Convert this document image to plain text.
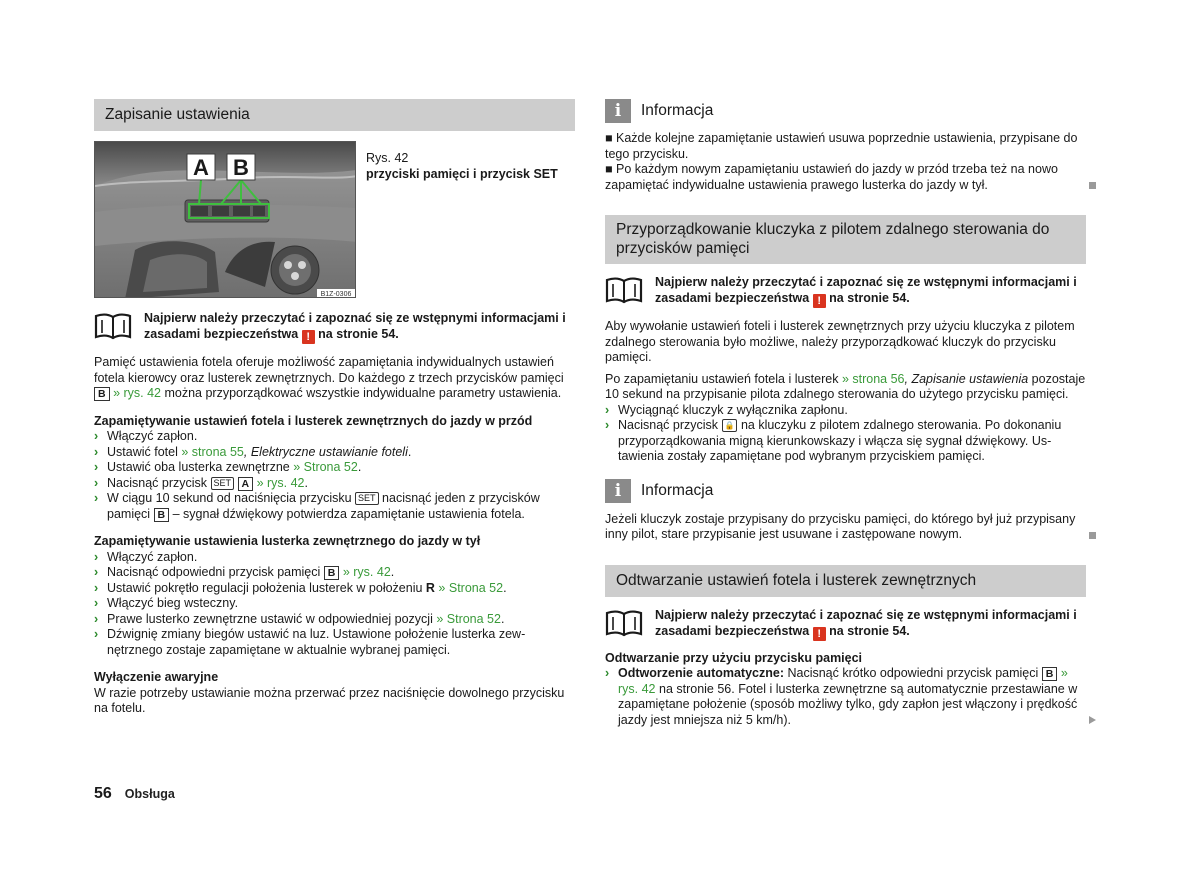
Zapisanie ustawienia
A B
B1Z-0306
Rys. 42
przyciski pamięci i przycisk SET
Najpierw należy przeczytać i zapoznać się ze wstępnymi informacjami i zasadami bezpieczeństwa ! na stronie 54.

Pamięć ustawienia fotela oferuje możliwość zapamiętania indywidualnych ustawień fotela kierowcy oraz lusterek zewnętrznych. Do każdego z trzech przycisków pamięci B » rys. 42 można przyporządkować wszystkie indywidualne parametry ustawienia.

Zapamiętywanie ustawień fotela i lusterek zewnętrznych do jazdy w przód
› Włączyć zapłon.
› Ustawić fotel » strona 55, Elektryczne ustawianie foteli.
› Ustawić oba lusterka zewnętrzne » Strona 52.
› Nacisnąć przycisk SET A » rys. 42.
› W ciągu 10 sekund od naciśnięcia przycisku SET nacisnąć jeden z przycisków pamięci B – sygnał dźwiękowy potwierdza zapamiętanie ustawienia fotela.
Zapamiętywanie ustawienia lusterka zewnętrznego do jazdy w tył
› Włączyć zapłon.
› Nacisnąć odpowiedni przycisk pamięci B » rys. 42.
› Ustawić pokrętło regulacji położenia lusterek w położeniu R » Strona 52.
› Włączyć bieg wsteczny.
› Prawe lusterko zewnętrzne ustawić w odpowiedniej pozycji » Strona 52.
› Dźwignię zmiany biegów ustawić na luz. Ustawione położenie lusterka zewnętrznego zostaje zapamiętane w aktualnie wybranej pamięci.
Wyłączenie awaryjne
W razie potrzeby ustawianie można przerwać przez naciśnięcie dowolnego przycisku na fotelu.
i	Informacja
■ Każde kolejne zapamiętanie ustawień usuwa poprzednie ustawienia, przypisane do tego przycisku.
■ Po każdym nowym zapamiętaniu ustawień do jazdy w przód trzeba też na nowo zapamiętać indywidualne ustawienia prawego lusterka do jazdy w tył.
Przyporządkowanie kluczyka z pilotem zdalnego sterowania do przycisków pamięci
Najpierw należy przeczytać i zapoznać się ze wstępnymi informacjami i zasadami bezpieczeństwa ! na stronie 54.

Aby wywołanie ustawień foteli i lusterek zewnętrznych przy użyciu kluczyka z pilotem zdalnego sterowania było możliwe, należy przyporządkować kluczyk do przycisku pamięci.

Po zapamiętaniu ustawień fotela i lusterek » strona 56, Zapisanie ustawienia pozostaje 10 sekund na przypisanie pilota zdalnego sterowania do użytego przycisku pamięci.

› Wyciągnąć kluczyk z wyłącznika zapłonu.
› Nacisnąć przycisk 🔒 na kluczyku z pilotem zdalnego sterowania. Po dokonaniu przyporządkowania migną kierunkowskazy i włącza się sygnał dźwiękowy. Ustawienia zostały zapamiętane pod wybranym przyciskiem pamięci.
i	Informacja
Jeżeli kluczyk zostaje przypisany do przycisku pamięci, do którego był już przypisany inny pilot, stare przypisanie jest usuwane i zastępowane nowym.
Odtwarzanie ustawień fotela i lusterek zewnętrznych
Najpierw należy przeczytać i zapoznać się ze wstępnymi informacjami i zasadami bezpieczeństwa ! na stronie 54.
Odtwarzanie przy użyciu przycisku pamięci
› Odtworzenie automatyczne: Nacisnąć krótko odpowiedni przycisk pamięci B » rys. 42 na stronie 56. Fotel i lusterka zewnętrzne są automatycznie przestawiane w zapamiętane położenie (sposób możliwy tylko, gdy zapłon jest włączony i prędkość jazdy jest mniejsza niż 5 km/h).
56 Obsługa
